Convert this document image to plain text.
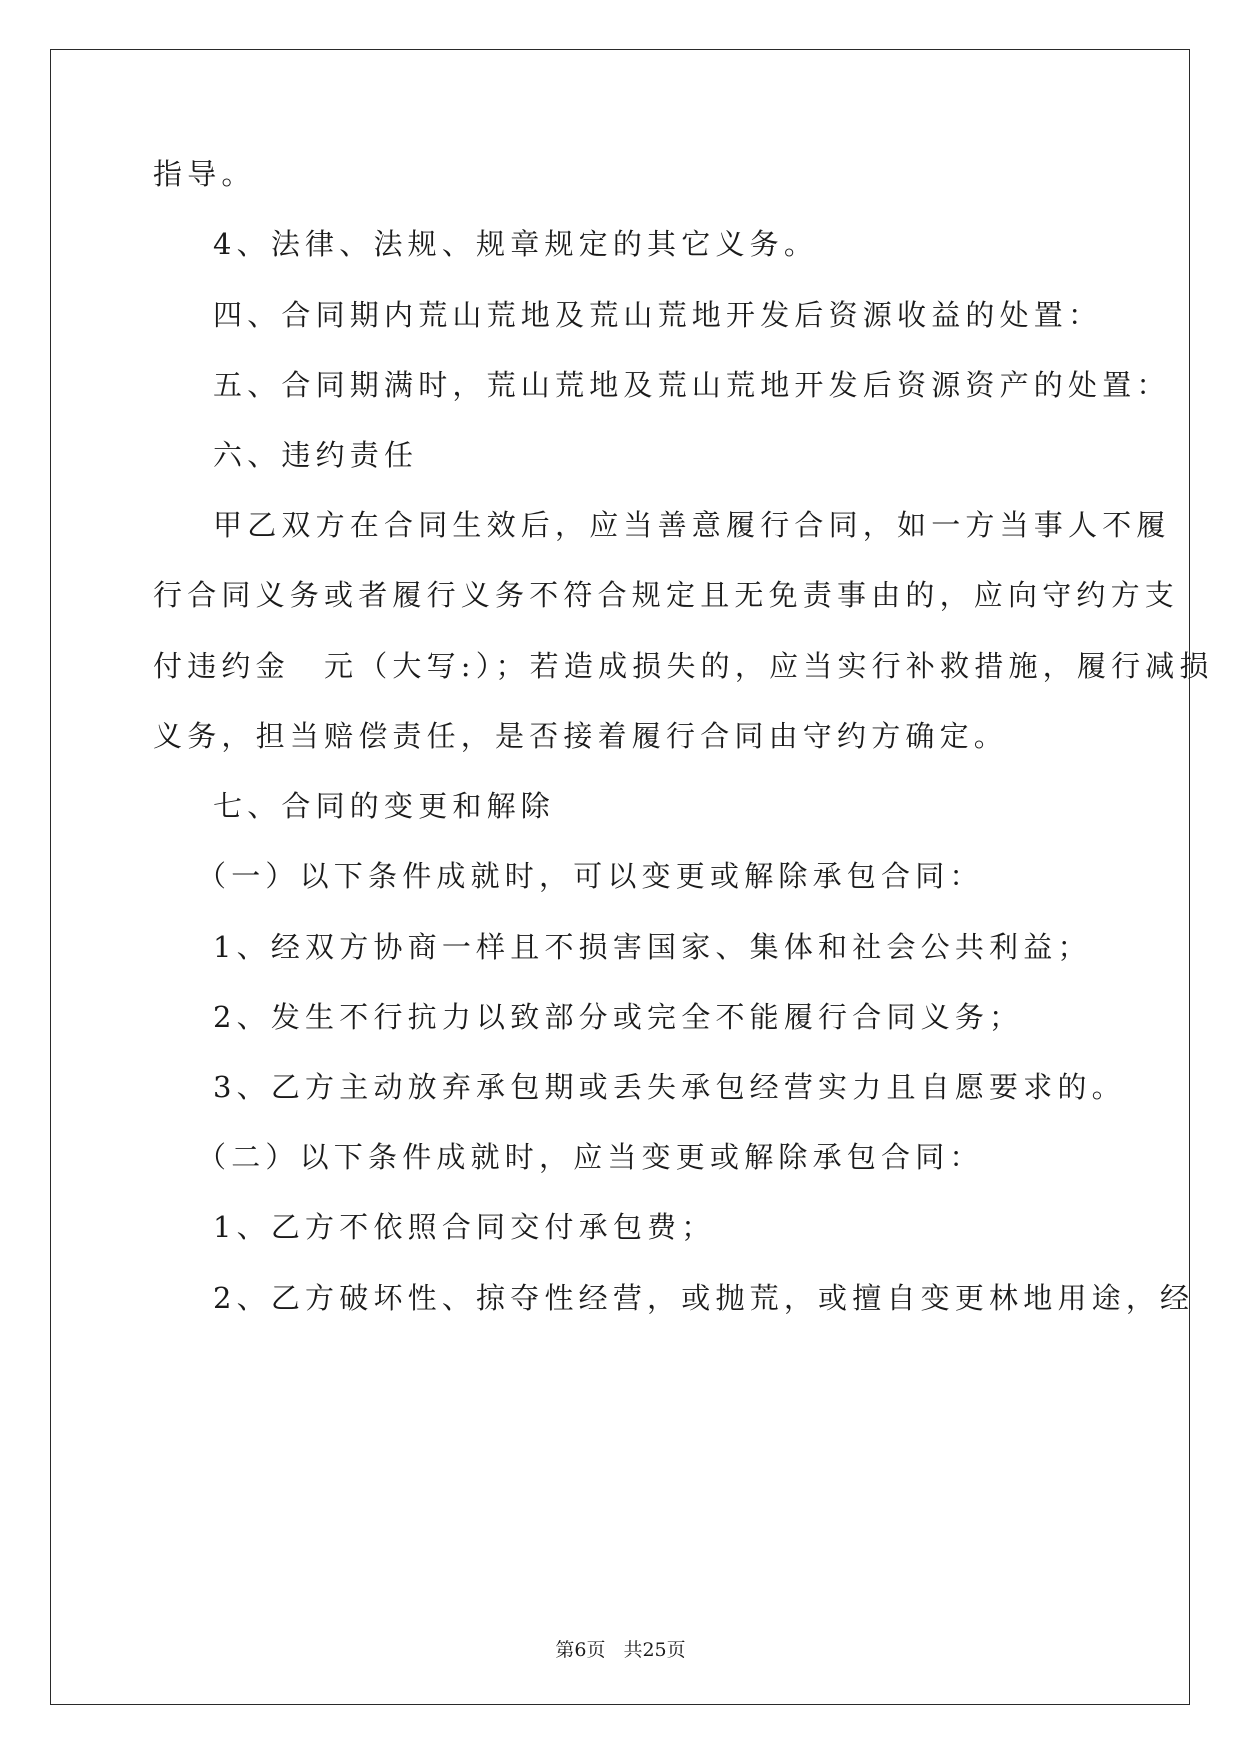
指导。
4、法律、法规、规章规定的其它义务。
四、合同期内荒山荒地及荒山荒地开发后资源收益的处置：
五、合同期满时，荒山荒地及荒山荒地开发后资源资产的处置：
六、违约责任
甲乙双方在合同生效后，应当善意履行合同，如一方当事人不履
行合同义务或者履行义务不符合规定且无免责事由的，应向守约方支
付违约金　元（大写:）；若造成损失的，应当实行补救措施，履行减损
义务，担当赔偿责任，是否接着履行合同由守约方确定。
七、合同的变更和解除
（一）以下条件成就时，可以变更或解除承包合同：
1、经双方协商一样且不损害国家、集体和社会公共利益；
2、发生不行抗力以致部分或完全不能履行合同义务；
3、乙方主动放弃承包期或丢失承包经营实力且自愿要求的。
（二）以下条件成就时，应当变更或解除承包合同：
1、乙方不依照合同交付承包费；
2、乙方破坏性、掠夺性经营，或抛荒，或擅自变更林地用途，经
第6页 共25页
